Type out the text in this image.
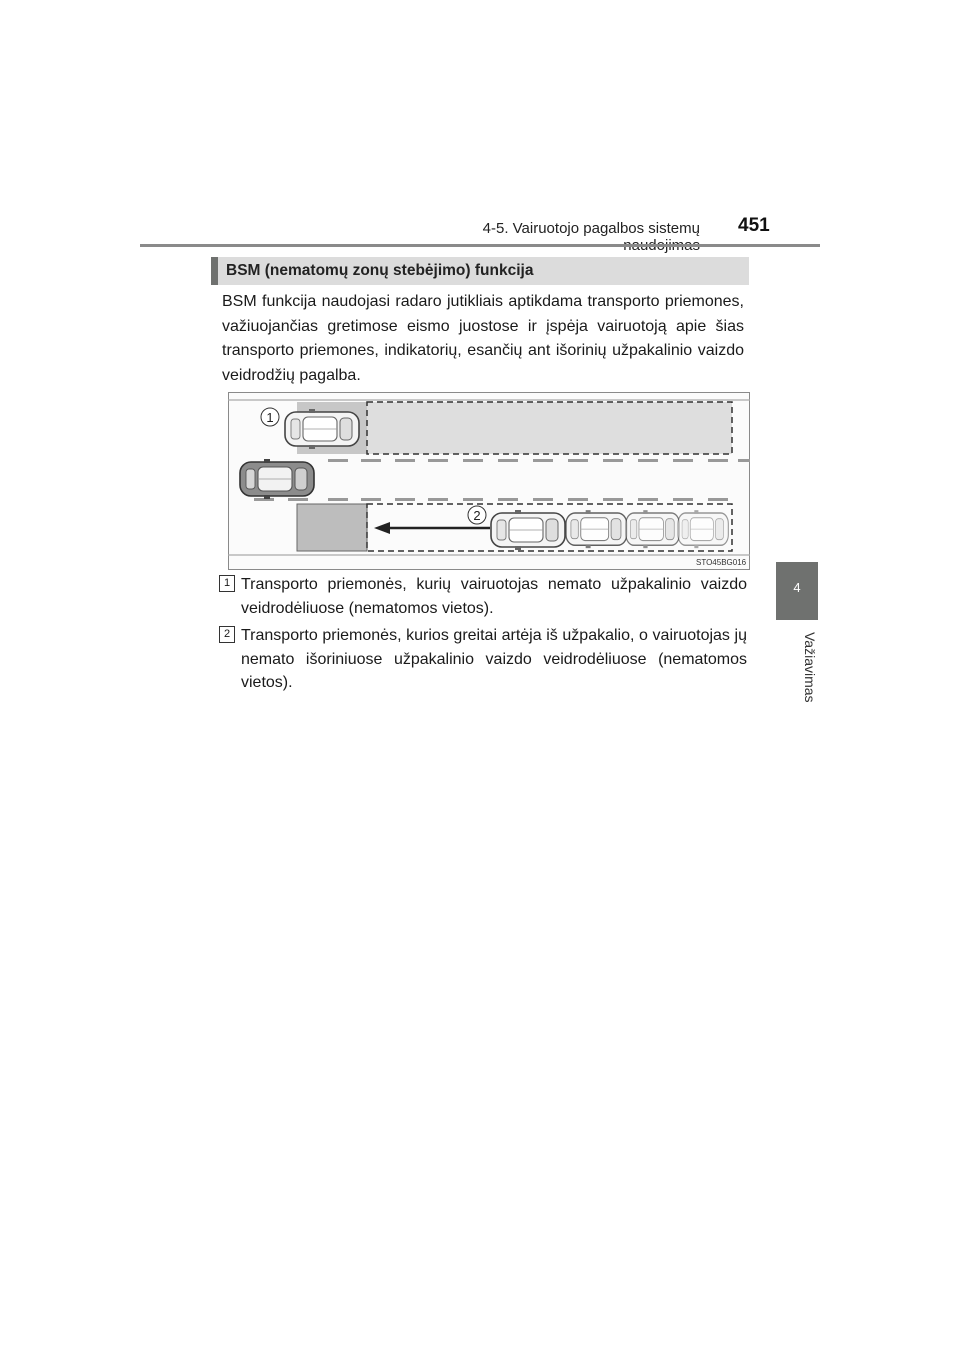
4-5. Vairuotojo pagalbos sistemų 451
4
Važiavimas
BSM (nematomų zonų stebėjimo) funkcija
BSM funkcija naudojasi radaro jutikliais aptikdama transporto priemones, važiuojančias gretimose eismo juostose ir įspėja vairuotoją apie šias transporto priemones, indikatorių, esančių ant išorinių užpakalinio vaizdo veidrodžių pagalba.
1
2
STO45BG016
1 Transporto priemonės, kurių vairuotojas nemato užpakalinio vaizdo veidrodėliuose (nematomos vietos).
2 Transporto priemonės, kurios greitai artėja iš užpakalio, o vairuotojas jų nemato išoriniuose užpakalinio vaizdo veidrodėliuose (nematomos vietos).
